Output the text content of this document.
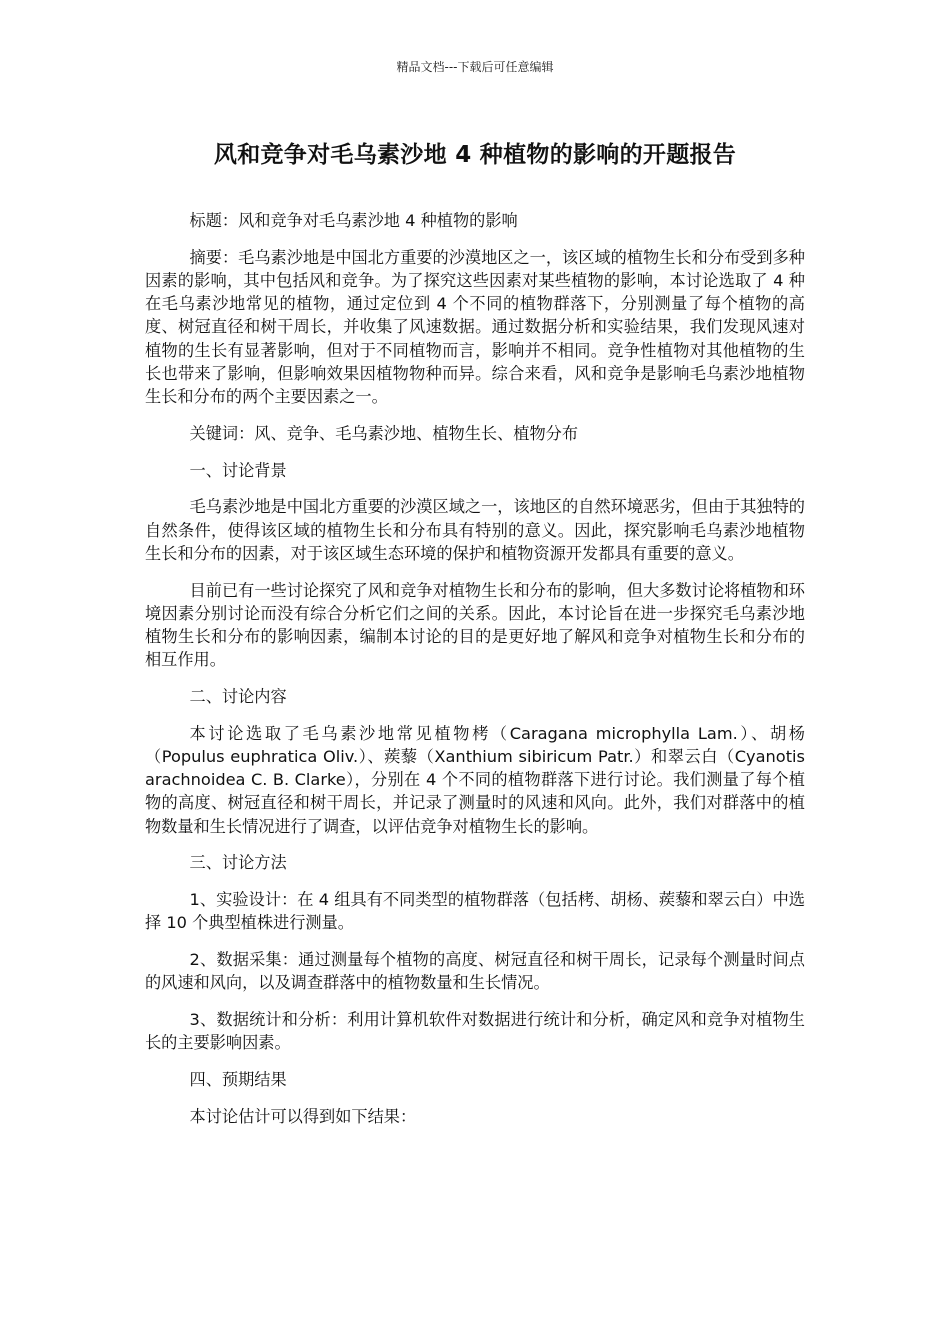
精品文档---下载后可任意编辑
风和竞争对毛乌素沙地 4 种植物的影响的开题报告

标题：风和竞争对毛乌素沙地 4 种植物的影响

摘要：毛乌素沙地是中国北方重要的沙漠地区之一，该区域的植物生长和分布受到多种因素的影响，其中包括风和竞争。为了探究这些因素对某些植物的影响，本讨论选取了 4 种在毛乌素沙地常见的植物，通过定位到 4 个不同的植物群落下，分别测量了每个植物的高度、树冠直径和树干周长，并收集了风速数据。通过数据分析和实验结果，我们发现风速对植物的生长有显著影响，但对于不同植物而言，影响并不相同。竞争性植物对其他植物的生长也带来了影响，但影响效果因植物物种而异。综合来看，风和竞争是影响毛乌素沙地植物生长和分布的两个主要因素之一。

关键词：风、竞争、毛乌素沙地、植物生长、植物分布

一、讨论背景

毛乌素沙地是中国北方重要的沙漠区域之一，该地区的自然环境恶劣，但由于其独特的自然条件，使得该区域的植物生长和分布具有特别的意义。因此，探究影响毛乌素沙地植物生长和分布的因素，对于该区域生态环境的保护和植物资源开发都具有重要的意义。

目前已有一些讨论探究了风和竞争对植物生长和分布的影响，但大多数讨论将植物和环境因素分别讨论而没有综合分析它们之间的关系。因此，本讨论旨在进一步探究毛乌素沙地植物生长和分布的影响因素，编制本讨论的目的是更好地了解风和竞争对植物生长和分布的相互作用。

二、讨论内容

本讨论选取了毛乌素沙地常见植物栲（Caragana microphylla Lam.）、胡杨（Populus euphratica Oliv.）、蒺藜（Xanthium sibiricum Patr.）和翠云白（Cyanotis arachnoidea C. B. Clarke），分别在 4 个不同的植物群落下进行讨论。我们测量了每个植物的高度、树冠直径和树干周长，并记录了测量时的风速和风向。此外，我们对群落中的植物数量和生长情况进行了调查，以评估竞争对植物生长的影响。

三、讨论方法

1、实验设计：在 4 组具有不同类型的植物群落（包括栲、胡杨、蒺藜和翠云白）中选择 10 个典型植株进行测量。

2、数据采集：通过测量每个植物的高度、树冠直径和树干周长，记录每个测量时间点的风速和风向，以及调查群落中的植物数量和生长情况。

3、数据统计和分析：利用计算机软件对数据进行统计和分析，确定风和竞争对植物生长的主要影响因素。

四、预期结果

本讨论估计可以得到如下结果：
